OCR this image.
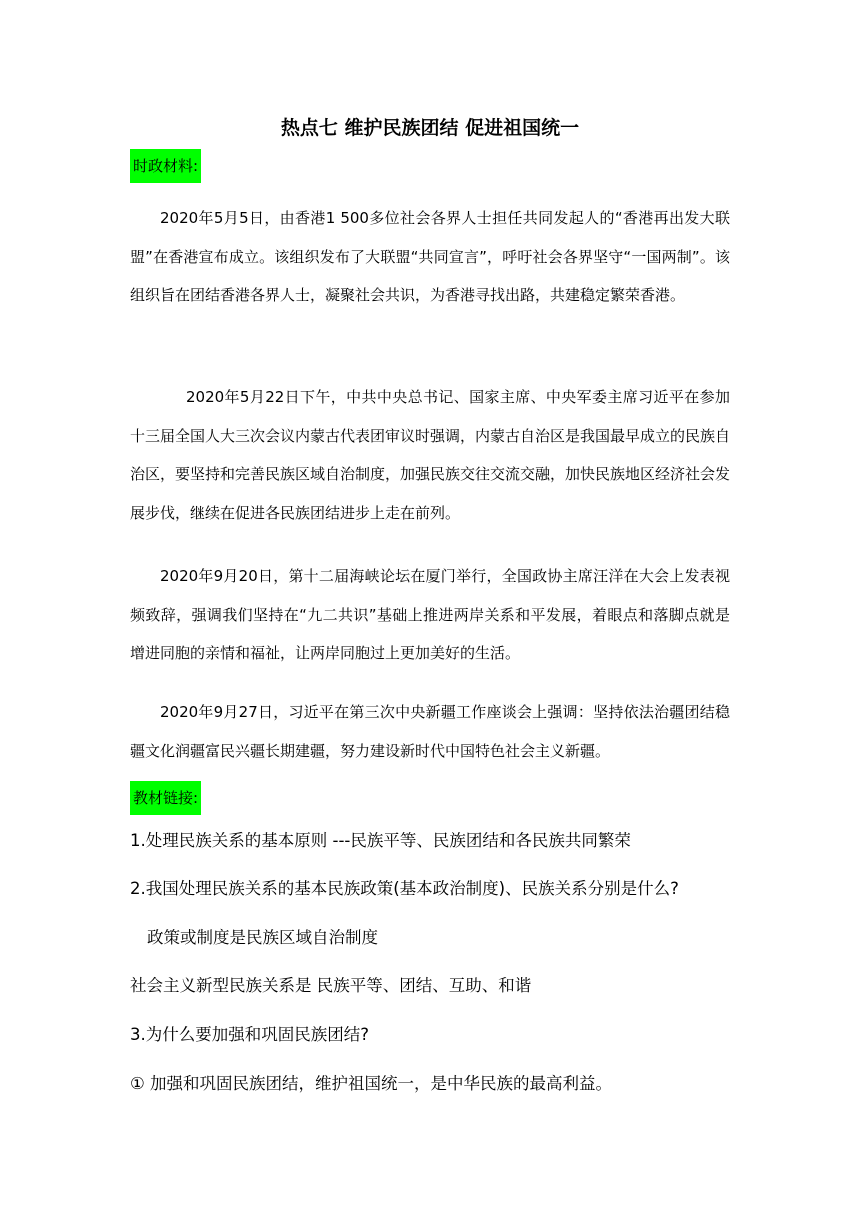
热点七 维护民族团结 促进祖国统一
时政材料:

2020年5月5日，由香港1 500多位社会各界人士担任共同发起人的“香港再出发大联盟”在香港宣布成立。该组织发布了大联盟“共同宣言”，呼吁社会各界坚守“一国两制”。该组织旨在团结香港各界人士，凝聚社会共识，为香港寻找出路，共建稳定繁荣香港。

2020年5月22日下午，中共中央总书记、国家主席、中央军委主席习近平在参加十三届全国人大三次会议内蒙古代表团审议时强调，内蒙古自治区是我国最早成立的民族自治区，要坚持和完善民族区域自治制度，加强民族交往交流交融，加快民族地区经济社会发展步伐，继续在促进各民族团结进步上走在前列。

2020年9月20日，第十二届海峡论坛在厦门举行，全国政协主席汪洋在大会上发表视频致辞，强调我们坚持在“九二共识”基础上推进两岸关系和平发展，着眼点和落脚点就是增进同胞的亲情和福祉，让两岸同胞过上更加美好的生活。

2020年9月27日，习近平在第三次中央新疆工作座谈会上强调：坚持依法治疆团结稳疆文化润疆富民兴疆长期建疆，努力建设新时代中国特色社会主义新疆。

教材链接:

1.处理民族关系的基本原则 ---民族平等、民族团结和各民族共同繁荣

2.我国处理民族关系的基本民族政策(基本政治制度)、民族关系分别是什么?

政策或制度是民族区域自治制度

社会主义新型民族关系是 民族平等、团结、互助、和谐

3.为什么要加强和巩固民族团结?

① 加强和巩固民族团结，维护祖国统一，是中华民族的最高利益。
